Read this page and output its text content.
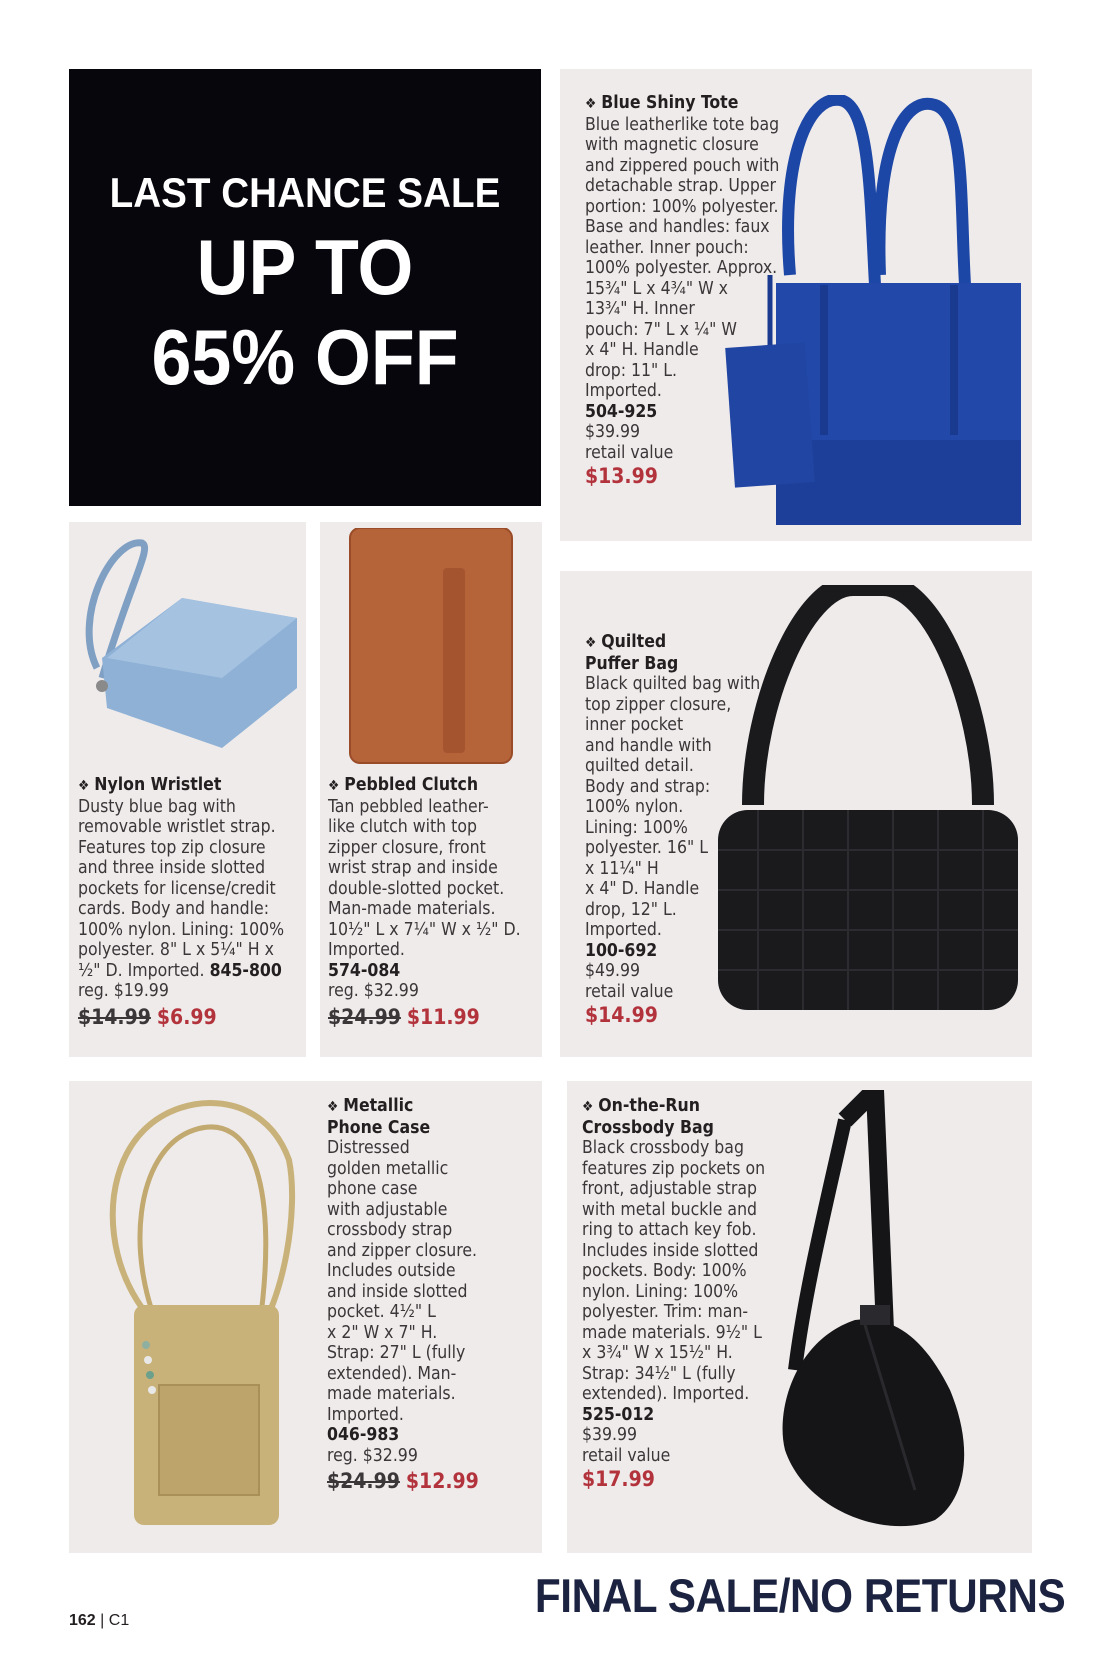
LAST CHANCE SALE
UP TO
65% OFF
❖ Blue Shiny Tote
Blue leatherlike tote bag
with magnetic closure
and zippered pouch with
detachable strap. Upper
portion: 100% polyester.
Base and handles: faux
leather. Inner pouch:
100% polyester. Approx.
15¾" L x 4¾" W x
13¾" H. Inner
pouch: 7" L x ¼" W
x 4" H. Handle
drop: 11" L.
Imported.
504-925
$39.99
retail value
$13.99
❖ Nylon Wristlet
Dusty blue bag with
removable wristlet strap.
Features top zip closure
and three inside slotted
pockets for license/credit
cards. Body and handle:
100% nylon. Lining: 100%
polyester. 8" L x 5¼" H x
½" D. Imported. 845-800
reg. $19.99
$14.99 $6.99
❖ Pebbled Clutch
Tan pebbled leather-
like clutch with top
zipper closure, front
wrist strap and inside
double-slotted pocket.
Man-made materials.
10½" L x 7¼" W x ½" D.
Imported.
574-084
reg. $32.99
$24.99 $11.99
❖ Quilted
Puffer Bag
Black quilted bag with
top zipper closure,
inner pocket
and handle with
quilted detail.
Body and strap:
100% nylon.
Lining: 100%
polyester. 16" L
x 11¼" H
x 4" D. Handle
drop, 12" L.
Imported.
100-692
$49.99
retail value
$14.99
❖ Metallic
Phone Case
Distressed
golden metallic
phone case
with adjustable
crossbody strap
and zipper closure.
Includes outside
and inside slotted
pocket. 4½" L
x 2" W x 7" H.
Strap: 27" L (fully
extended). Man-
made materials.
Imported.
046-983
reg. $32.99
$24.99 $12.99
❖ On-the-Run
Crossbody Bag
Black crossbody bag
features zip pockets on
front, adjustable strap
with metal buckle and
ring to attach key fob.
Includes inside slotted
pockets. Body: 100%
nylon. Lining: 100%
polyester. Trim: man-
made materials. 9½" L
x 3¾" W x 15½" H.
Strap: 34½" L (fully
extended). Imported.
525-012
$39.99
retail value
$17.99
162 | C1	FINAL SALE/NO RETURNS
